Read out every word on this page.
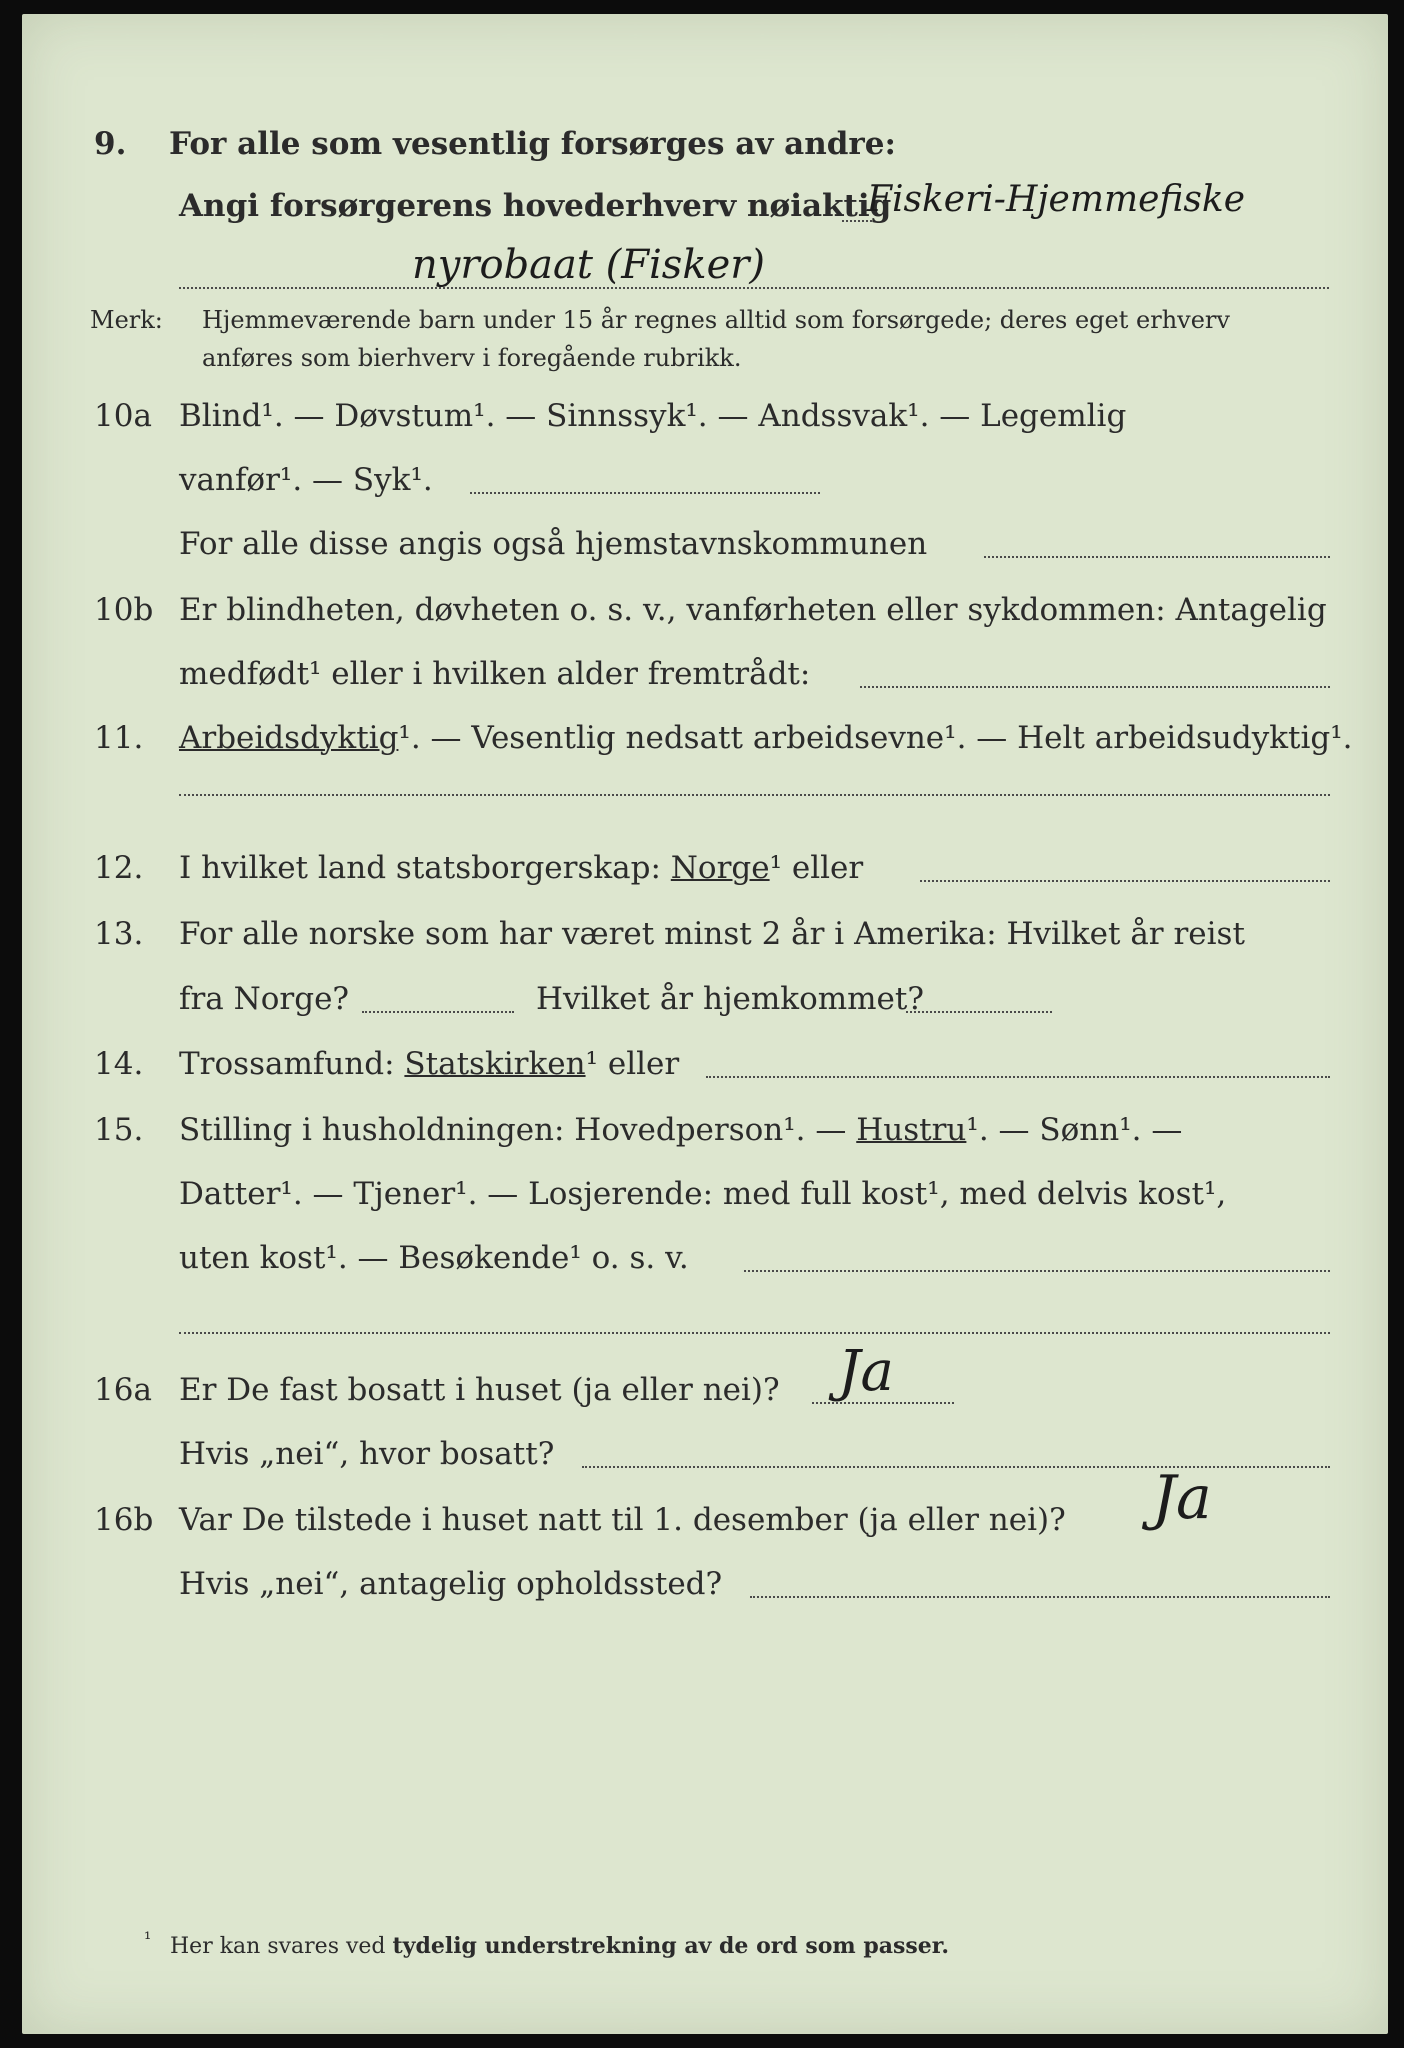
9. For alle som vesentlig forsørges av andre:
Angi forsørgerens hovederhverv nøiaktig
Fiskeri-Hjemmefiske
nyrobaat (Fisker)
Merk: Hjemmeværende barn under 15 år regnes alltid som forsørgede; deres eget erhverv
anføres som bierhverv i foregående rubrikk.
10a Blind¹. — Døvstum¹. — Sinnssyk¹. — Andssvak¹. — Legemlig
vanfør¹. — Syk¹.
For alle disse angis også hjemstavnskommunen
10b Er blindheten, døvheten o. s. v., vanførheten eller sykdommen: Antagelig
medfødt¹ eller i hvilken alder fremtrådt:
11. Arbeidsdyktig¹. — Vesentlig nedsatt arbeidsevne¹. — Helt arbeidsudyktig¹.
12. I hvilket land statsborgerskap: Norge¹ eller
13. For alle norske som har været minst 2 år i Amerika: Hvilket år reist
fra Norge?	Hvilket år hjemkommet?
14. Trossamfund: Statskirken¹ eller
15. Stilling i husholdningen: Hovedperson¹. — Hustru¹. — Sønn¹. —
Datter¹. — Tjener¹. — Losjerende: med full kost¹, med delvis kost¹,
uten kost¹. — Besøkende¹ o. s. v.
16a Er De fast bosatt i huset (ja eller nei)? Ja
Hvis „nei“, hvor bosatt?
16b Var De tilstede i huset natt til 1. desember (ja eller nei)? Ja
Hvis „nei“, antagelig opholdssted?
¹ Her kan svares ved tydelig understrekning av de ord som passer.
